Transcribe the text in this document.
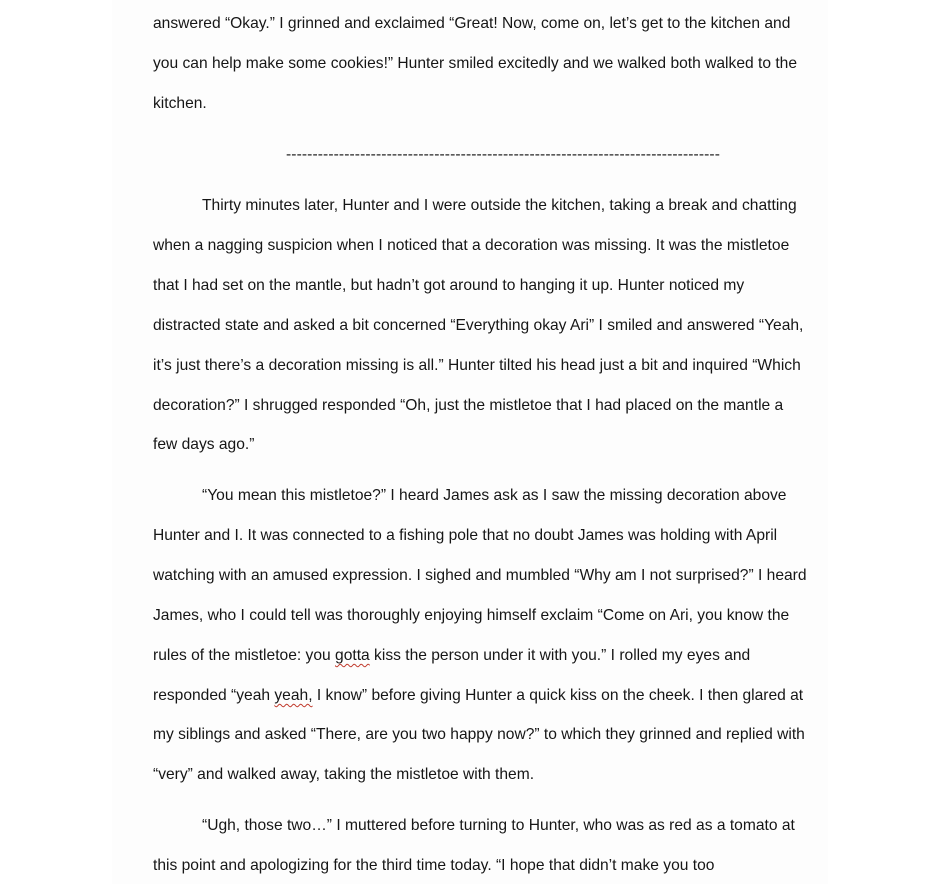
answered “Okay.” I grinned and exclaimed “Great! Now, come on, let’s get to the kitchen and
you can help make some cookies!” Hunter smiled excitedly and we walked both walked to the
kitchen.
----------------------------------------------------------------------------------
Thirty minutes later, Hunter and I were outside the kitchen, taking a break and chatting
when a nagging suspicion when I noticed that a decoration was missing. It was the mistletoe
that I had set on the mantle, but hadn’t got around to hanging it up. Hunter noticed my
distracted state and asked a bit concerned “Everything okay Ari” I smiled and answered “Yeah,
it’s just there’s a decoration missing is all.” Hunter tilted his head just a bit and inquired “Which
decoration?” I shrugged responded “Oh, just the mistletoe that I had placed on the mantle a
few days ago.”
“You mean this mistletoe?” I heard James ask as I saw the missing decoration above
Hunter and I. It was connected to a fishing pole that no doubt James was holding with April
watching with an amused expression. I sighed and mumbled “Why am I not surprised?” I heard
James, who I could tell was thoroughly enjoying himself exclaim “Come on Ari, you know the
rules of the mistletoe: you gotta kiss the person under it with you.” I rolled my eyes and
responded “yeah yeah, I know” before giving Hunter a quick kiss on the cheek. I then glared at
my siblings and asked “There, are you two happy now?” to which they grinned and replied with
“very” and walked away, taking the mistletoe with them.
“Ugh, those two…” I muttered before turning to Hunter, who was as red as a tomato at
this point and apologizing for the third time today. “I hope that didn’t make you too
